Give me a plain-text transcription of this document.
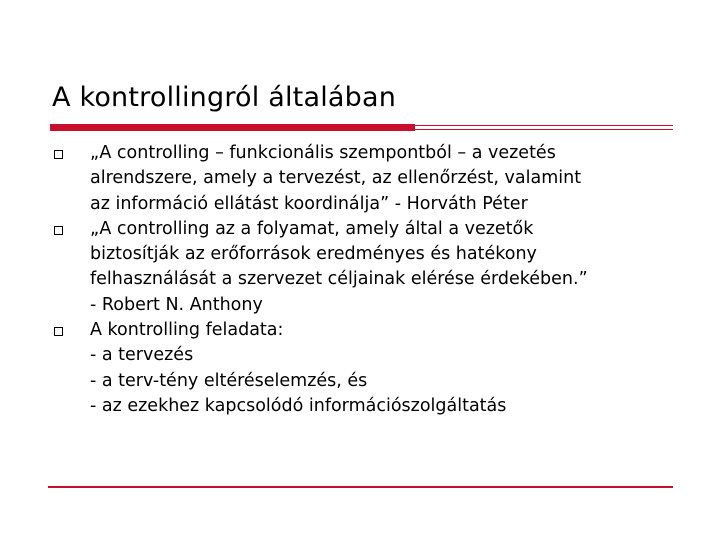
A kontrollingról általában
„A controlling – funkcionális szempontból – a vezetés
alrendszere, amely a tervezést, az ellenőrzést, valamint
az információ ellátást koordinálja” - Horváth Péter
„A controlling az a folyamat, amely által a vezetők
biztosítják az erőforrások eredményes és hatékony
felhasználását a szervezet céljainak elérése érdekében.”
- Robert N. Anthony
A kontrolling feladata:
- a tervezés
- a terv-tény eltéréselemzés, és
- az ezekhez kapcsolódó információszolgáltatás
